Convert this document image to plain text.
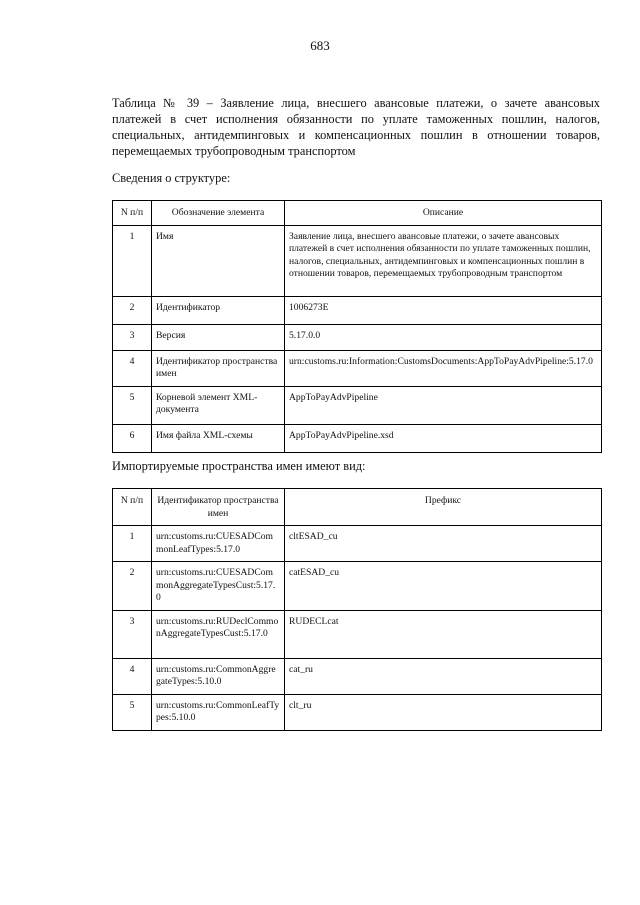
683

Таблица № 39 – Заявление лица, внесшего авансовые платежи, о зачете авансовых платежей в счет исполнения обязанности по уплате таможенных пошлин, налогов, специальных, антидемпинговых и компенсационных пошлин в отношении товаров, перемещаемых трубопроводным транспортом

Сведения о структуре:

N п/п	Обозначение элемента	Описание
1	Имя	Заявление лица, внесшего авансовые платежи, о зачете авансовых платежей в счет исполнения обязанности по уплате таможенных пошлин, налогов, специальных, антидемпинговых и компенсационных пошлин в отношении товаров, перемещаемых трубопроводным транспортом
2	Идентификатор	1006273E
3	Версия	5.17.0.0
4	Идентификатор пространства имен	urn:customs.ru:Information:CustomsDocuments:AppToPayAdvPipeline:5.17.0
5	Корневой элемент XML-документа	AppToPayAdvPipeline
6	Имя файла XML-схемы	AppToPayAdvPipeline.xsd

Импортируемые пространства имен имеют вид:

N п/п	Идентификатор пространства имен	Префикс
1	urn:customs.ru:CUESADCommonLeafTypes:5.17.0	cltESAD_cu
2	urn:customs.ru:CUESADCommonAggregateTypesCust:5.17.0	catESAD_cu
3	urn:customs.ru:RUDeclCommonAggregateTypesCust:5.17.0	RUDECLcat
4	urn:customs.ru:CommonAggregateTypes:5.10.0	cat_ru
5	urn:customs.ru:CommonLeafTypes:5.10.0	clt_ru
